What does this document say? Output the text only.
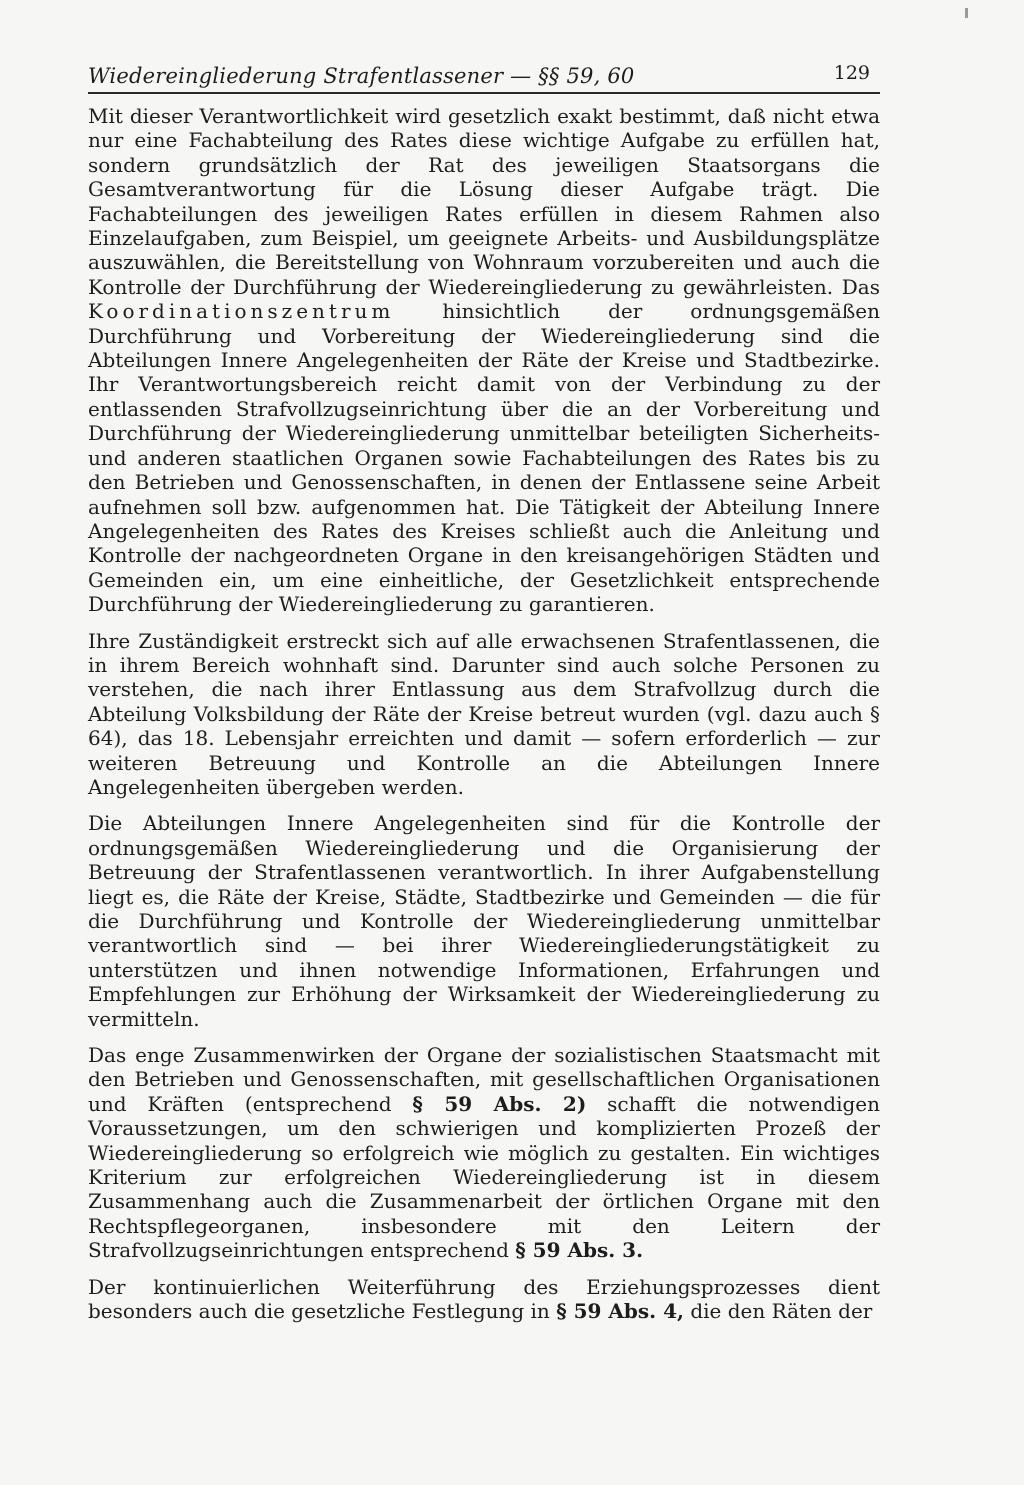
Wiedereingliederung Strafentlassener — §§ 59, 60	129

Mit dieser Verantwortlichkeit wird gesetzlich exakt bestimmt, daß nicht etwa nur eine Fachabteilung des Rates diese wichtige Aufgabe zu erfüllen hat, sondern grundsätzlich der Rat des jeweiligen Staatsorgans die Gesamtverantwortung für die Lösung dieser Aufgabe trägt. Die Fachabteilungen des jeweiligen Rates erfüllen in diesem Rahmen also Einzelaufgaben, zum Beispiel, um geeignete Arbeits- und Ausbildungsplätze auszuwählen, die Bereitstellung von Wohnraum vorzubereiten und auch die Kontrolle der Durchführung der Wiedereingliederung zu gewährleisten. Das Koordinationszentrum hinsichtlich der ordnungsgemäßen Durchführung und Vorbereitung der Wiedereingliederung sind die Abteilungen Innere Angelegenheiten der Räte der Kreise und Stadtbezirke. Ihr Verantwortungsbereich reicht damit von der Verbindung zu der entlassenden Strafvollzugseinrichtung über die an der Vorbereitung und Durchführung der Wiedereingliederung unmittelbar beteiligten Sicherheits- und anderen staatlichen Organen sowie Fachabteilungen des Rates bis zu den Betrieben und Genossenschaften, in denen der Entlassene seine Arbeit aufnehmen soll bzw. aufgenommen hat. Die Tätigkeit der Abteilung Innere Angelegenheiten des Rates des Kreises schließt auch die Anleitung und Kontrolle der nachgeordneten Organe in den kreisangehörigen Städten und Gemeinden ein, um eine einheitliche, der Gesetzlichkeit entsprechende Durchführung der Wiedereingliederung zu garantieren.

Ihre Zuständigkeit erstreckt sich auf alle erwachsenen Strafentlassenen, die in ihrem Bereich wohnhaft sind. Darunter sind auch solche Personen zu verstehen, die nach ihrer Entlassung aus dem Strafvollzug durch die Abteilung Volksbildung der Räte der Kreise betreut wurden (vgl. dazu auch § 64), das 18. Lebensjahr erreichten und damit — sofern erforderlich — zur weiteren Betreuung und Kontrolle an die Abteilungen Innere Angelegenheiten übergeben werden.

Die Abteilungen Innere Angelegenheiten sind für die Kontrolle der ordnungsgemäßen Wiedereingliederung und die Organisierung der Betreuung der Strafentlassenen verantwortlich. In ihrer Aufgabenstellung liegt es, die Räte der Kreise, Städte, Stadtbezirke und Gemeinden — die für die Durchführung und Kontrolle der Wiedereingliederung unmittelbar verantwortlich sind — bei ihrer Wiedereingliederungstätigkeit zu unterstützen und ihnen notwendige Informationen, Erfahrungen und Empfehlungen zur Erhöhung der Wirksamkeit der Wiedereingliederung zu vermitteln.

Das enge Zusammenwirken der Organe der sozialistischen Staatsmacht mit den Betrieben und Genossenschaften, mit gesellschaftlichen Organisationen und Kräften (entsprechend § 59 Abs. 2) schafft die notwendigen Voraussetzungen, um den schwierigen und komplizierten Prozeß der Wiedereingliederung so erfolgreich wie möglich zu gestalten. Ein wichtiges Kriterium zur erfolgreichen Wiedereingliederung ist in diesem Zusammenhang auch die Zusammenarbeit der örtlichen Organe mit den Rechtspflegeorganen, insbesondere mit den Leitern der Strafvollzugseinrichtungen entsprechend § 59 Abs. 3.

Der kontinuierlichen Weiterführung des Erziehungsprozesses dient besonders auch die gesetzliche Festlegung in § 59 Abs. 4, die den Räten der
